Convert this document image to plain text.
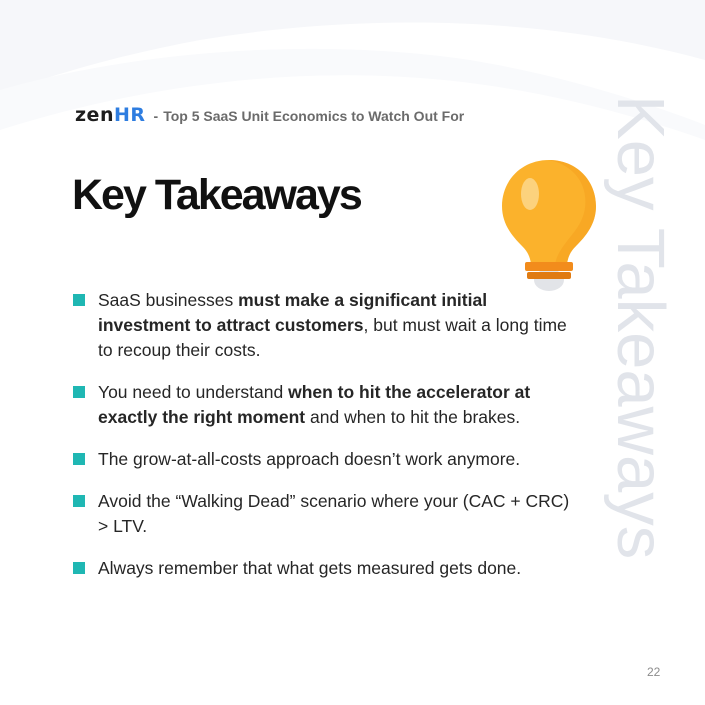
zenHR - Top 5 SaaS Unit Economics to Watch Out For
Key Takeaways	Key Takeaways
SaaS businesses must make a significant initial investment to attract customers, but must wait a long time to recoup their costs.
You need to understand when to hit the accelerator at exactly the right moment and when to hit the brakes.
The grow-at-all-costs approach doesn’t work anymore.
Avoid the “Walking Dead” scenario where your (CAC + CRC) > LTV.
Always remember that what gets measured gets done.
22
